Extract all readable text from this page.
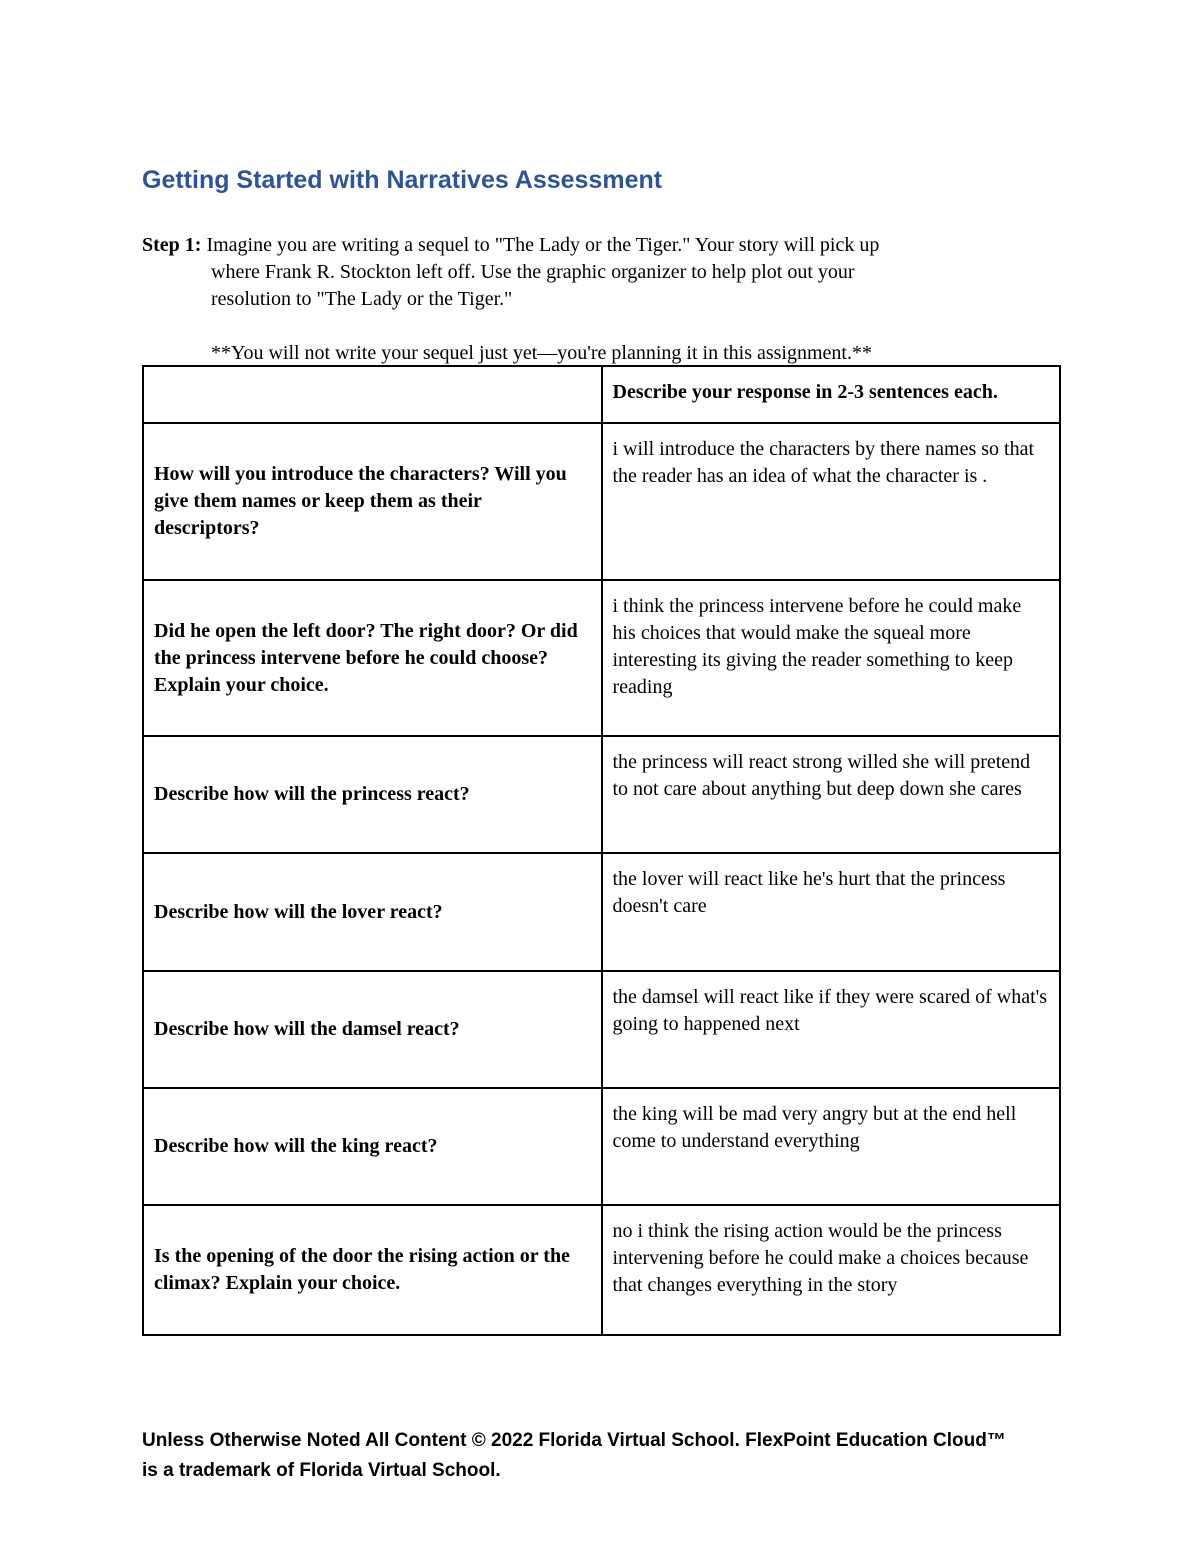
Getting Started with Narratives Assessment
Step 1: Imagine you are writing a sequel to "The Lady or the Tiger." Your story will pick up
where Frank R. Stockton left off. Use the graphic organizer to help plot out your
resolution to "The Lady or the Tiger."
**You will not write your sequel just yet—you're planning it in this assignment.**

	Describe your response in 2-3 sentences each.

How will you introduce the characters? Will you give them names or keep them as their descriptors?	i will introduce the characters by there names so that the reader has an idea of what the character is .

Did he open the left door? The right door? Or did the princess intervene before he could choose? Explain your choice.	i think the princess intervene before he could make his choices that would make the squeal more interesting its giving the reader something to keep reading

Describe how will the princess react?	the princess will react strong willed she will pretend to not care about anything but deep down she cares

Describe how will the lover react?	the lover will react like he's hurt that the princess doesn't care

Describe how will the damsel react?	the damsel will react like if they were scared of what's going to happened next

Describe how will the king react?	the king will be mad very angry but at the end hell come to understand everything

Is the opening of the door the rising action or the climax? Explain your choice.	no i think the rising action would be the princess intervening before he could make a choices because that changes everything in the story
Unless Otherwise Noted All Content © 2022 Florida Virtual School. FlexPoint Education Cloud™
is a trademark of Florida Virtual School.
